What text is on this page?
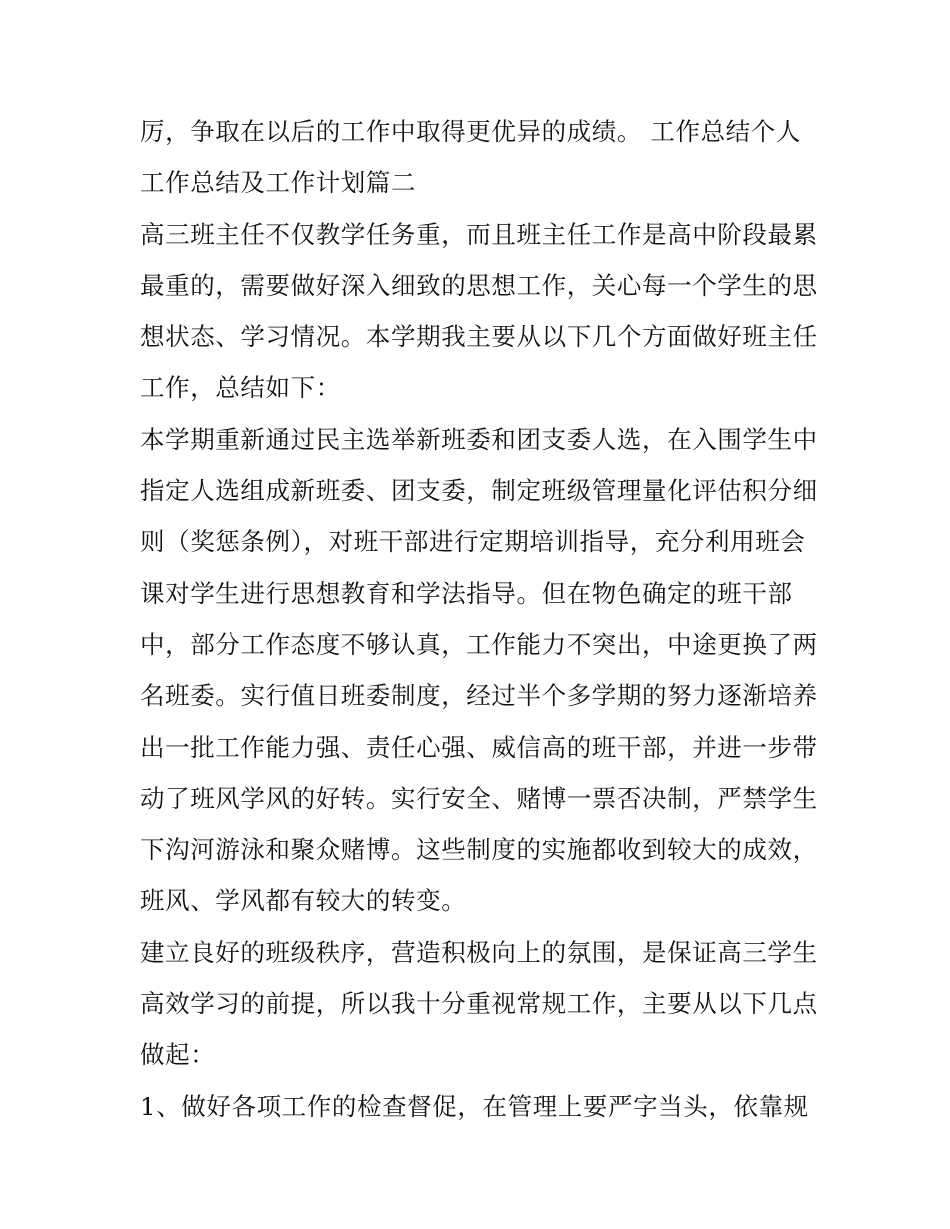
厉，争取在以后的工作中取得更优异的成绩。 工作总结个人
工作总结及工作计划篇二
高三班主任不仅教学任务重，而且班主任工作是高中阶段最累
最重的，需要做好深入细致的思想工作，关心每一个学生的思
想状态、学习情况。本学期我主要从以下几个方面做好班主任
工作，总结如下：
本学期重新通过民主选举新班委和团支委人选，在入围学生中
指定人选组成新班委、团支委，制定班级管理量化评估积分细
则（奖惩条例），对班干部进行定期培训指导，充分利用班会
课对学生进行思想教育和学法指导。但在物色确定的班干部
中，部分工作态度不够认真，工作能力不突出，中途更换了两
名班委。实行值日班委制度，经过半个多学期的努力逐渐培养
出一批工作能力强、责任心强、威信高的班干部，并进一步带
动了班风学风的好转。实行安全、赌博一票否决制，严禁学生
下沟河游泳和聚众赌博。这些制度的实施都收到较大的成效，
班风、学风都有较大的转变。
建立良好的班级秩序，营造积极向上的氛围，是保证高三学生
高效学习的前提，所以我十分重视常规工作，主要从以下几点
做起：
1、做好各项工作的检查督促，在管理上要严字当头，依靠规
